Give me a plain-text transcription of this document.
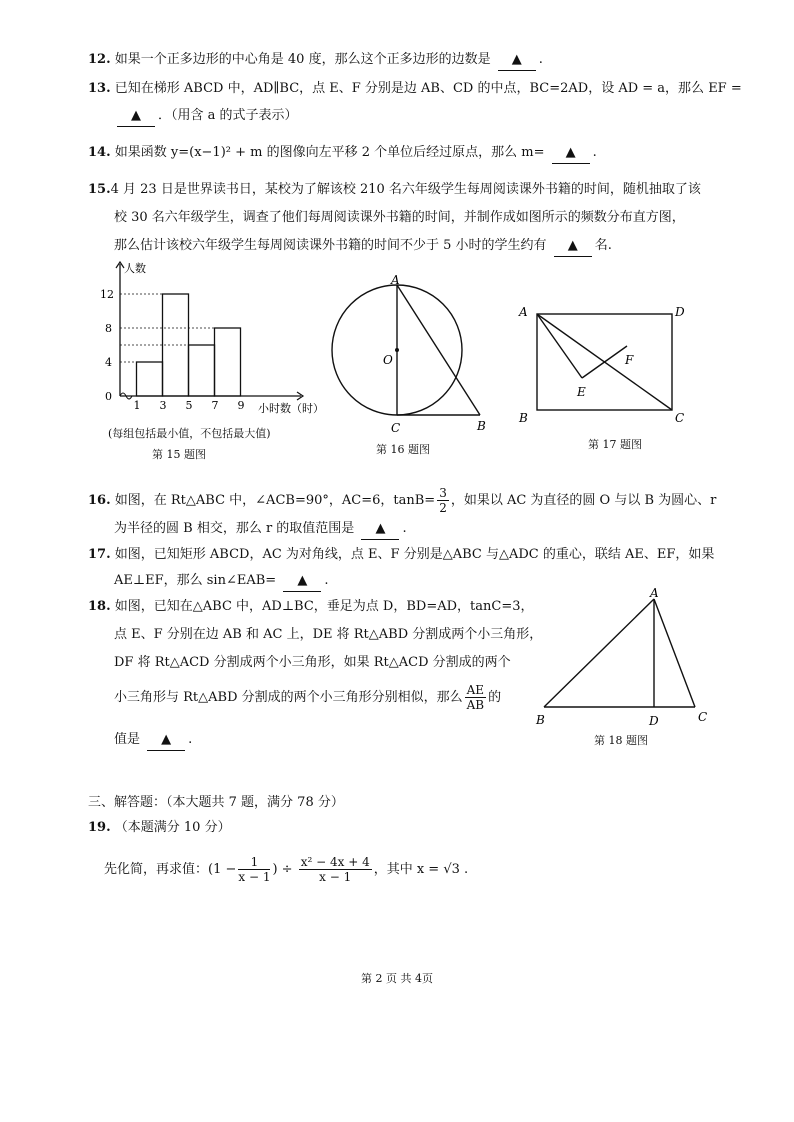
12. 如果一个正多边形的中心角是 40 度，那么这个正多边形的边数是 ▲ .
13. 已知在梯形 ABCD 中，AD∥BC，点 E、F 分别是边 AB、CD 的中点，BC=2AD，设 AD = a，那么 EF =
▲ ．（用含 a 的式子表示）
14. 如果函数 y=(x−1)² + m 的图像向左平移 2 个单位后经过原点，那么 m= ▲ .
15.4 月 23 日是世界读书日，某校为了解该校 210 名六年级学生每周阅读课外书籍的时间，随机抽取了该
校 30 名六年级学生，调查了他们每周阅读课外书籍的时间，并制作成如图所示的频数分布直方图，
那么估计该校六年级学生每周阅读课外书籍的时间不少于 5 小时的学生约有 ▲ 名.
1 3 5 7 9
0
4
8
12
人数
小时数（时）
(每组包括最小值，不包括最大值)
第 15 题图
A
O
C	B
第 16 题图
A	D
B	C
E
F
第 17 题图
16. 如图，在 Rt△ABC 中，∠ACB=90°，AC=6，$\tan B= \frac{3}{2}$ ，如果以 AC 为直径的圆 O 与以 B 为圆心、r
为半径的圆 B 相交，那么 r 的取值范围是 ▲ .
17. 如图，已知矩形 ABCD，AC 为对角线，点 E、F 分别是△ABC 与△ADC 的重心，联结 AE、EF，如果
AE⊥EF，那么 sin∠EAB= ▲ .
18. 如图，已知在△ABC 中，AD⊥BC，垂足为点 D，BD=AD，tanC=3，
点 E、F 分别在边 AB 和 AC 上，DE 将 Rt△ABD 分割成两个小三角形，
DF 将 Rt△ACD 分割成两个小三角形，如果 Rt△ACD 分割成的两个
小三角形与 Rt△ABD 分割成的两个小三角形分别相似，那么 $\frac{AE}{AB}$ 的
值是 ▲ .
A
B	D	C
第 18 题图
三、解答题：（本大题共 7 题，满分 78 分）
19. （本题满分 10 分）
先化简，再求值：($1 - \frac{1}{x - 1}$ ) ÷ $\frac{\text{x² − 4x + 4}}{x - 1}$ ，其中 x = √3 .
第 2 页 共 4页
